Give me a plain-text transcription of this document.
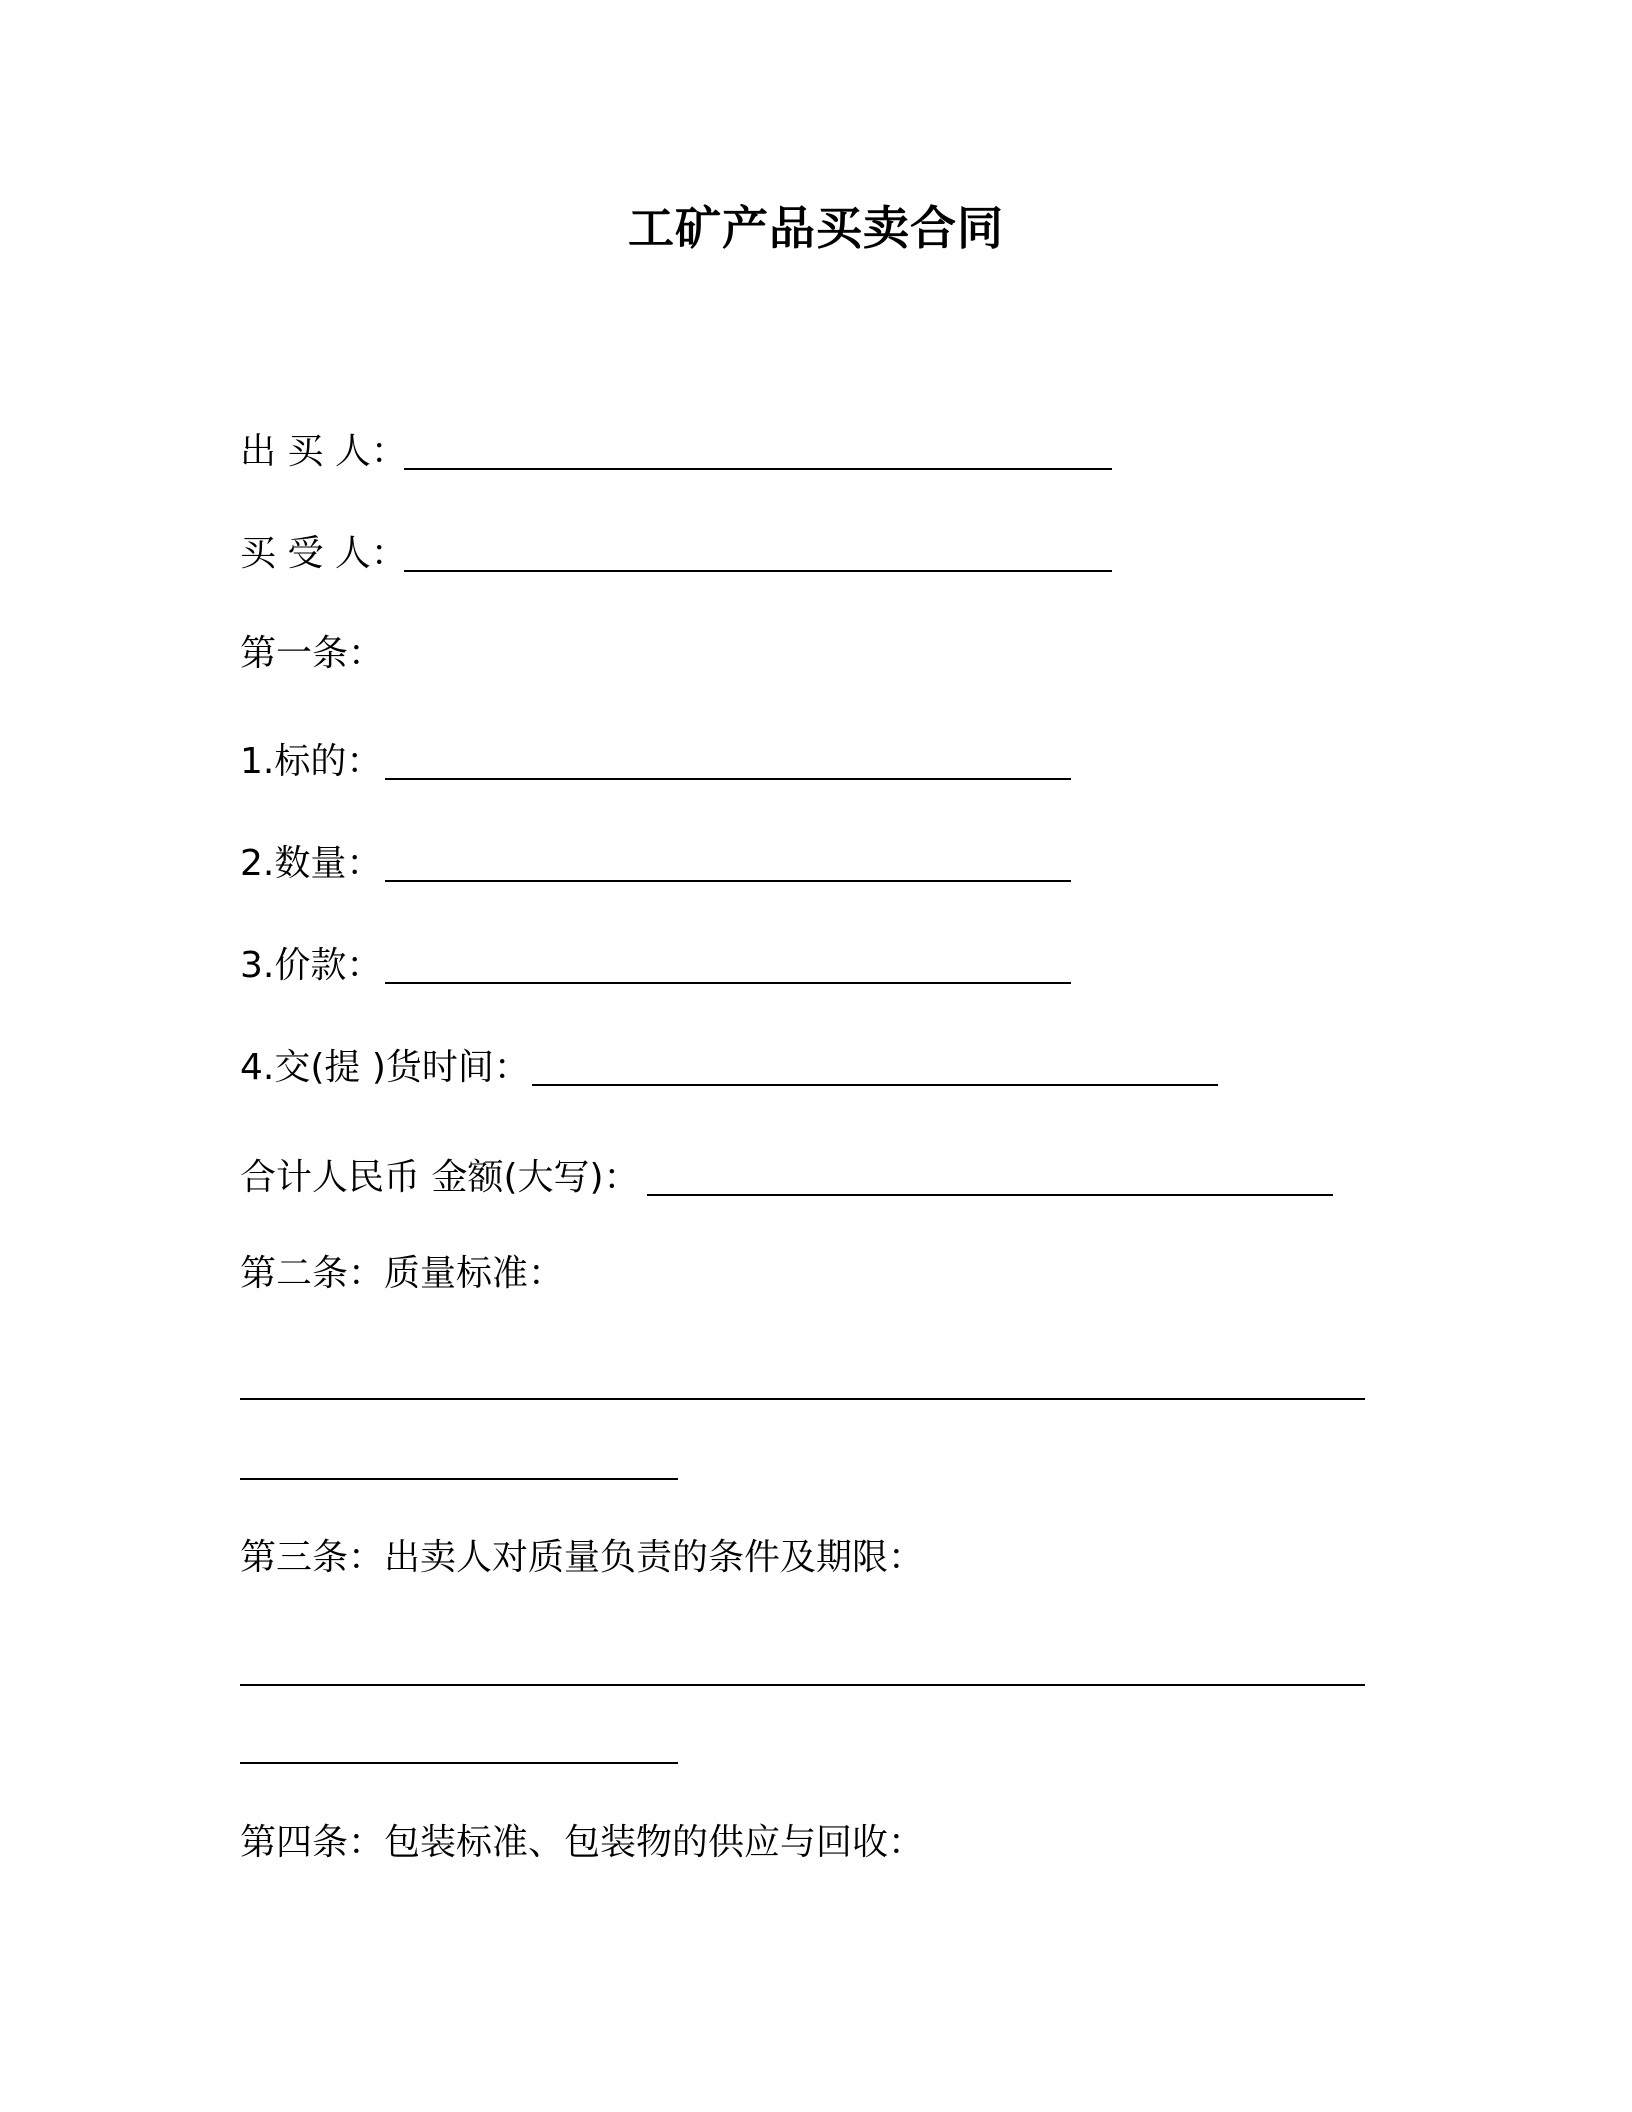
工矿产品买卖合同
出 买 人：
买 受 人：
第一条：
1.标的：
2.数量：
3.价款：
4.交(提 )货时间：
合计人民币 金额(大写)：
第二条：质量标准：
第三条：出卖人对质量负责的条件及期限：
第四条：包装标准、包装物的供应与回收：
